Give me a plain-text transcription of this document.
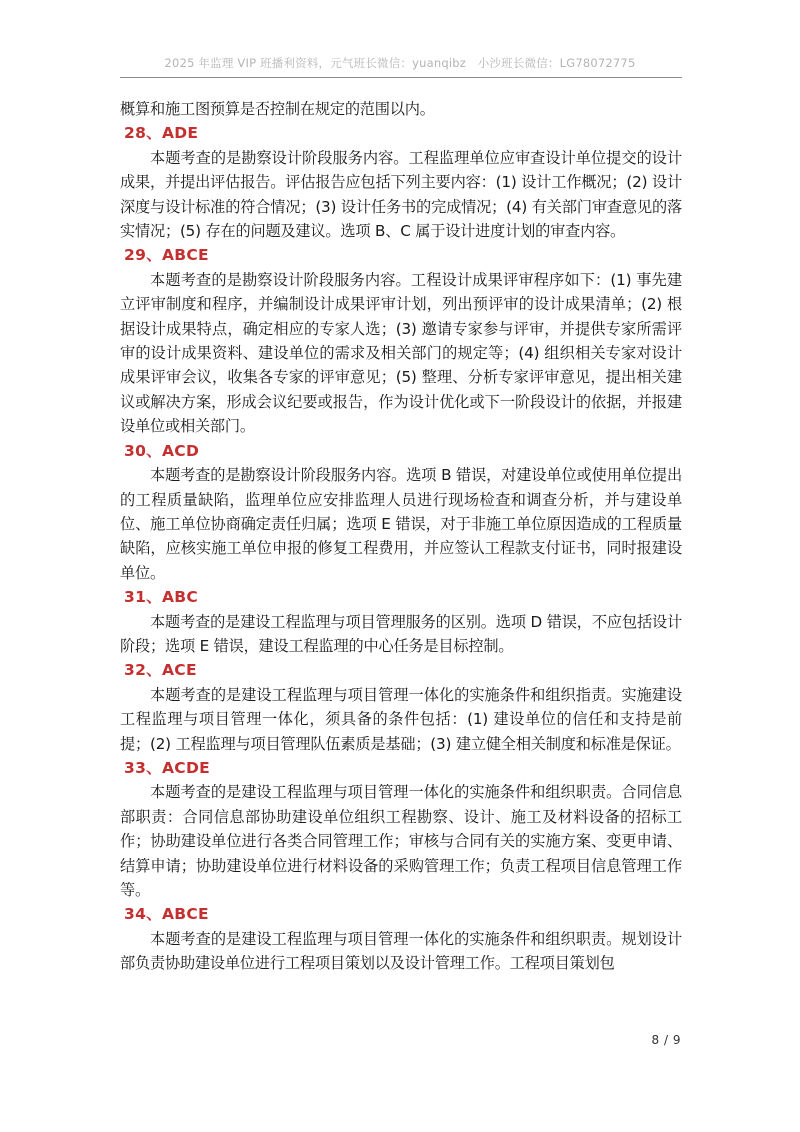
2025 年监理 VIP 班播利资料，元气班长微信：yuanqibz　小沙班长微信：LG78072775

概算和施工图预算是否控制在规定的范围以内。

28、ADE

本题考查的是勘察设计阶段服务内容。工程监理单位应审查设计单位提交的设计成果，并提出评估报告。评估报告应包括下列主要内容：(1) 设计工作概况；(2) 设计深度与设计标准的符合情况；(3) 设计任务书的完成情况；(4) 有关部门审查意见的落实情况；(5) 存在的问题及建议。选项 B、C 属于设计进度计划的审查内容。

29、ABCE

本题考查的是勘察设计阶段服务内容。工程设计成果评审程序如下：(1) 事先建立评审制度和程序，并编制设计成果评审计划，列出预评审的设计成果清单；(2) 根据设计成果特点，确定相应的专家人选；(3) 邀请专家参与评审，并提供专家所需评审的设计成果资料、建设单位的需求及相关部门的规定等；(4) 组织相关专家对设计成果评审会议，收集各专家的评审意见；(5) 整理、分析专家评审意见，提出相关建议或解决方案，形成会议纪要或报告，作为设计优化或下一阶段设计的依据，并报建设单位或相关部门。

30、ACD

本题考查的是勘察设计阶段服务内容。选项 B 错误，对建设单位或使用单位提出的工程质量缺陷，监理单位应安排监理人员进行现场检查和调查分析，并与建设单位、施工单位协商确定责任归属；选项 E 错误，对于非施工单位原因造成的工程质量缺陷，应核实施工单位申报的修复工程费用，并应签认工程款支付证书，同时报建设单位。

31、ABC

本题考查的是建设工程监理与项目管理服务的区别。选项 D 错误，不应包括设计阶段；选项 E 错误，建设工程监理的中心任务是目标控制。

32、ACE

本题考查的是建设工程监理与项目管理一体化的实施条件和组织指责。实施建设工程监理与项目管理一体化，须具备的条件包括：(1) 建设单位的信任和支持是前提；(2) 工程监理与项目管理队伍素质是基础；(3) 建立健全相关制度和标准是保证。

33、ACDE

本题考查的是建设工程监理与项目管理一体化的实施条件和组织职责。合同信息部职责：合同信息部协助建设单位组织工程勘察、设计、施工及材料设备的招标工作；协助建设单位进行各类合同管理工作；审核与合同有关的实施方案、变更申请、结算申请；协助建设单位进行材料设备的采购管理工作；负责工程项目信息管理工作等。

34、ABCE

本题考查的是建设工程监理与项目管理一体化的实施条件和组织职责。规划设计部负责协助建设单位进行工程项目策划以及设计管理工作。工程项目策划包

8 / 9
